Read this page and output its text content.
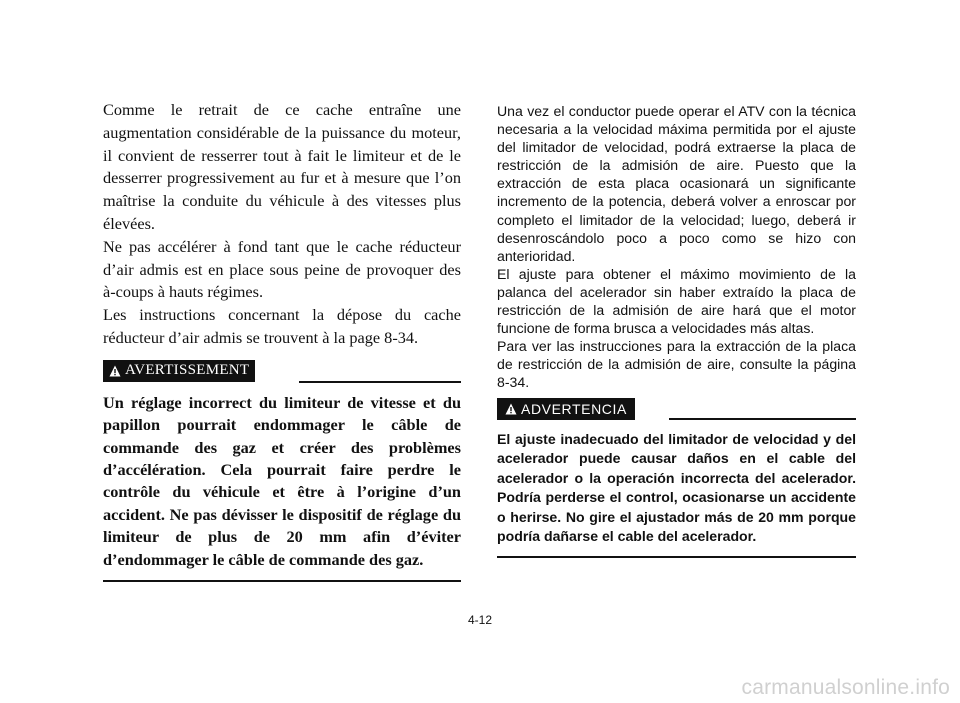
Comme le retrait de ce cache entraîne une augmentation considérable de la puissance du moteur, il convient de resserrer tout à fait le limiteur et de le desserrer progressivement au fur et à mesure que l’on maîtrise la conduite du véhicule à des vitesses plus élevées.

Ne pas accélérer à fond tant que le cache réducteur d’air admis est en place sous peine de provoquer des à-coups à hauts régimes.

Les instructions concernant la dépose du cache réducteur d’air admis se trouvent à la page 8-34.

AVERTISSEMENT

Un réglage incorrect du limiteur de vitesse et du papillon pourrait endommager le câble de commande des gaz et créer des problèmes d’accélération. Cela pourrait faire perdre le contrôle du véhicule et être à l’origine d’un accident. Ne pas dévisser le dispositif de réglage du limiteur de plus de 20 mm afin d’éviter d’endommager le câble de commande des gaz.

Una vez el conductor puede operar el ATV con la técnica necesaria a la velocidad máxima permitida por el ajuste del limitador de velocidad, podrá extraerse la placa de restricción de la admisión de aire. Puesto que la extracción de esta placa ocasionará un significante incremento de la potencia, deberá volver a enroscar por completo el limitador de la velocidad; luego, deberá ir desenroscándolo poco a poco como se hizo con anterioridad.

El ajuste para obtener el máximo movimiento de la palanca del acelerador sin haber extraído la placa de restricción de la admisión de aire hará que el motor funcione de forma brusca a velocidades más altas.

Para ver las instrucciones para la extracción de la placa de restricción de la admisión de aire, consulte la página 8-34.

ADVERTENCIA

El ajuste inadecuado del limitador de velocidad y del acelerador puede causar daños en el cable del acelerador o la operación incorrecta del acelerador. Podría perderse el control, ocasionarse un accidente o herirse. No gire el ajustador más de 20 mm porque podría dañarse el cable del acelerador.

4-12
carmanualsonline.info
